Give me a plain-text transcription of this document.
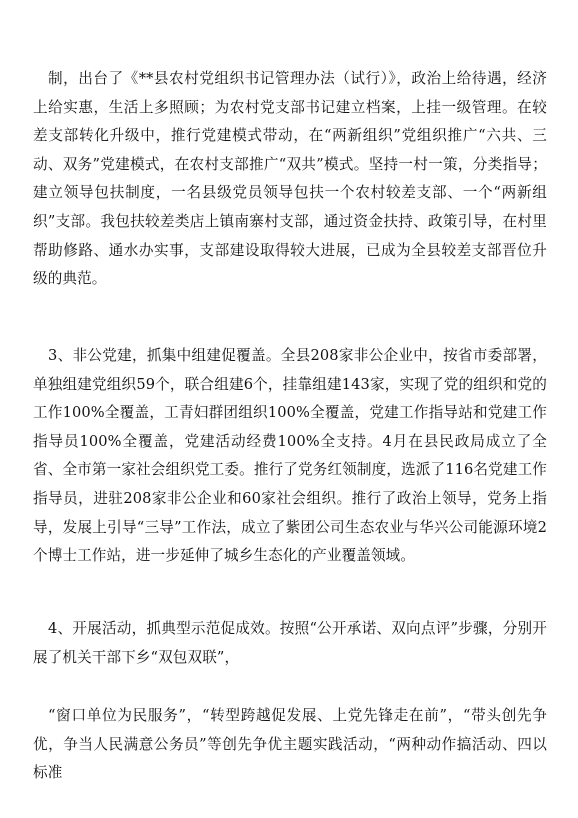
制，出台了《**县农村党组织书记管理办法（试行）》，政治上给待遇，经济上给实惠，生活上多照顾；为农村党支部书记建立档案，上挂一级管理。在较差支部转化升级中，推行党建模式带动，在“两新组织”党组织推广“六共、三动、双务”党建模式，在农村支部推广“双共”模式。坚持一村一策，分类指导；建立领导包扶制度，一名县级党员领导包扶一个农村较差支部、一个“两新组织”支部。我包扶较差类店上镇南寨村支部，通过资金扶持、政策引导，在村里帮助修路、通水办实事，支部建设取得较大进展，已成为全县较差支部晋位升级的典范。

3、非公党建，抓集中组建促覆盖。全县208家非公企业中，按省市委部署，单独组建党组织59个，联合组建6个，挂靠组建143家，实现了党的组织和党的工作100%全覆盖，工青妇群团组织100%全覆盖，党建工作指导站和党建工作指导员100%全覆盖，党建活动经费100%全支持。4月在县民政局成立了全省、全市第一家社会组织党工委。推行了党务红领制度，选派了116名党建工作指导员，进驻208家非公企业和60家社会组织。推行了政治上领导，党务上指导，发展上引导“三导”工作法，成立了紫团公司生态农业与华兴公司能源环境2个博士工作站，进一步延伸了城乡生态化的产业覆盖领域。

4、开展活动，抓典型示范促成效。按照“公开承诺、双向点评”步骤，分别开展了机关干部下乡“双包双联”，

“窗口单位为民服务”，“转型跨越促发展、上党先锋走在前”，“带头创先争优，争当人民满意公务员”等创先争优主题实践活动，“两种动作搞活动、四以标准
